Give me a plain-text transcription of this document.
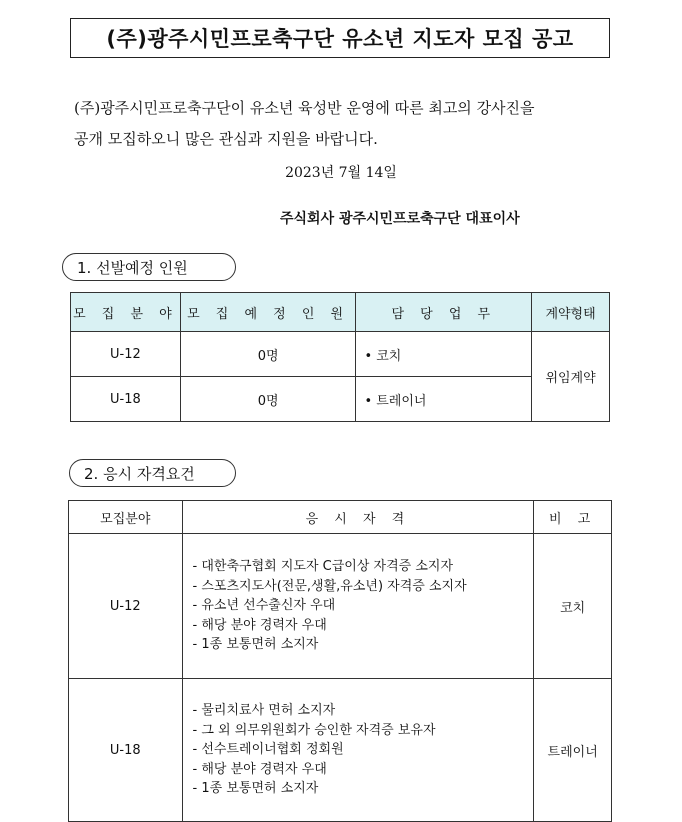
(주)광주시민프로축구단 유소년 지도자 모집 공고

(주)광주시민프로축구단이 유소년 육성반 운영에 따른 최고의 강사진을

공개 모집하오니 많은 관심과 지원을 바랍니다.

2023년 7월 14일
주식회사 광주시민프로축구단 대표이사
1. 선발예정 인원
모 집 분 야	모 집 예 정 인 원	담 당 업 무	계약형태
U-12	0명	• 코치	위임계약
U-18	0명	• 트레이너	
2. 응시 자격요건
모집분야	응 시 자 격	비 고
U-12	- 대한축구협회 지도자 C급이상 자격증 소지자
- 스포츠지도사(전문,생활,유소년) 자격증 소지자
- 유소년 선수출신자 우대
- 해당 분야 경력자 우대
- 1종 보통면허 소지자	코치
U-18	- 물리치료사 면허 소지자
- 그 외 의무위원회가 승인한 자격증 보유자
- 선수트레이너협회 정회원
- 해당 분야 경력자 우대
- 1종 보통면허 소지자	트레이너
